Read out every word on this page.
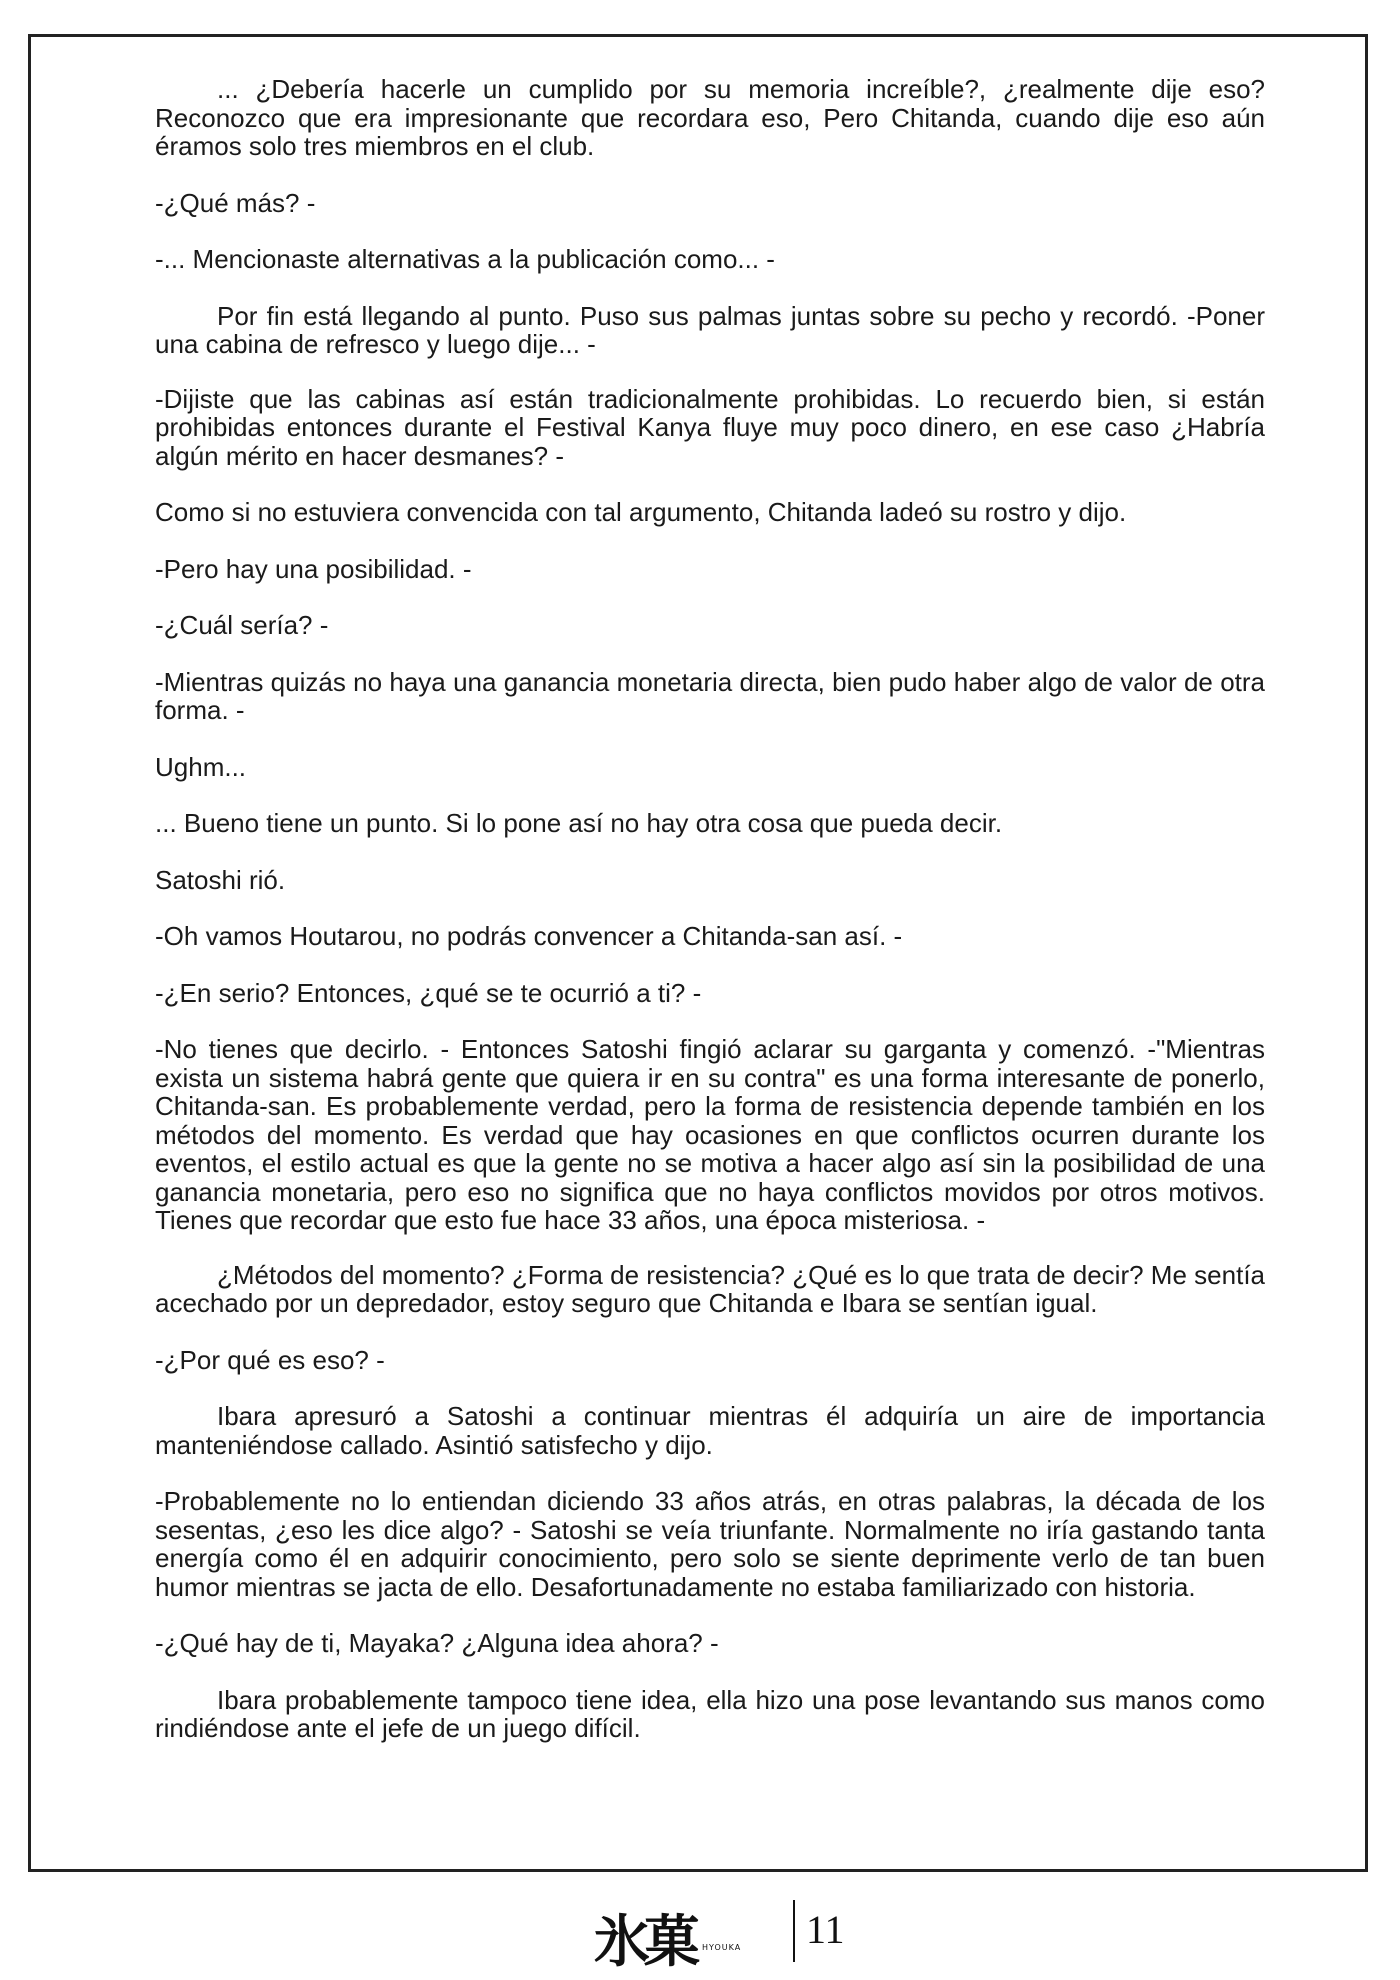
... ¿Debería hacerle un cumplido por su memoria increíble?, ¿realmente dije eso? Reconozco que era impresionante que recordara eso, Pero Chitanda, cuando dije eso aún éramos solo tres miembros en el club.

-¿Qué más? -

-... Mencionaste alternativas a la publicación como... -

Por fin está llegando al punto. Puso sus palmas juntas sobre su pecho y recordó. -Poner una cabina de refresco y luego dije... -

-Dijiste que las cabinas así están tradicionalmente prohibidas. Lo recuerdo bien, si están prohibidas entonces durante el Festival Kanya fluye muy poco dinero, en ese caso ¿Habría algún mérito en hacer desmanes? -

Como si no estuviera convencida con tal argumento, Chitanda ladeó su rostro y dijo.

-Pero hay una posibilidad. -

-¿Cuál sería? -

-Mientras quizás no haya una ganancia monetaria directa, bien pudo haber algo de valor de otra forma. -

Ughm...

... Bueno tiene un punto. Si lo pone así no hay otra cosa que pueda decir.

Satoshi rió.

-Oh vamos Houtarou, no podrás convencer a Chitanda-san así. -

-¿En serio? Entonces, ¿qué se te ocurrió a ti? -

-No tienes que decirlo. - Entonces Satoshi fingió aclarar su garganta y comenzó. -"Mientras exista un sistema habrá gente que quiera ir en su contra" es una forma interesante de ponerlo, Chitanda-san. Es probablemente verdad, pero la forma de resistencia depende también en los métodos del momento. Es verdad que hay ocasiones en que conflictos ocurren durante los eventos, el estilo actual es que la gente no se motiva a hacer algo así sin la posibilidad de una ganancia monetaria, pero eso no significa que no haya conflictos movidos por otros motivos. Tienes que recordar que esto fue hace 33 años, una época misteriosa. -

¿Métodos del momento? ¿Forma de resistencia? ¿Qué es lo que trata de decir? Me sentía acechado por un depredador, estoy seguro que Chitanda e Ibara se sentían igual.

-¿Por qué es eso? -

Ibara apresuró a Satoshi a continuar mientras él adquiría un aire de importancia manteniéndose callado. Asintió satisfecho y dijo.

-Probablemente no lo entiendan diciendo 33 años atrás, en otras palabras, la década de los sesentas, ¿eso les dice algo? - Satoshi se veía triunfante. Normalmente no iría gastando tanta energía como él en adquirir conocimiento, pero solo se siente deprimente verlo de tan buen humor mientras se jacta de ello. Desafortunadamente no estaba familiarizado con historia.

-¿Qué hay de ti, Mayaka? ¿Alguna idea ahora? -

Ibara probablemente tampoco tiene idea, ella hizo una pose levantando sus manos como rindiéndose ante el jefe de un juego difícil.

氷菓 HYOUKA 11
